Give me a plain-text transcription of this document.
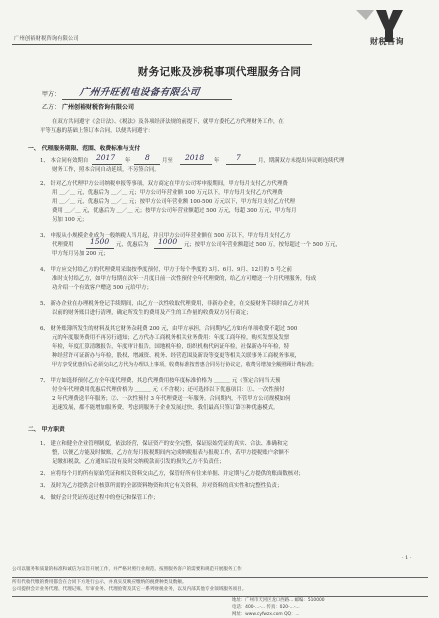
广州创裕财税咨询有限公司	财税咨询
财务记账及涉税事项代理服务合同
甲方： 广州升旺机电设备有限公司
乙方： 广州创裕财税咨询有限公司
在双方共同遵守《会计法》、《税法》及各项经济法规的前提下，就甲方委托乙方代理财务工作，在
平等互惠的基础上签订本合同，以便共同遵守：
一、 代理服务期限、范围、收费标准与支付
1、 本合同有效期自 2017 年 8 月至 2018 年 7	月，期满双方未提出异议则连续代理
财务工作，照本合同自动延续，不另签合同。
2、 针对乙方代理甲方公司纳税申报等事项，双方商定在甲方公司零申报期间，甲方每月支付乙方代理费
用 ＿／＿ 元，优惠后为 ＿／＿ 元；甲方公司年营业额 100 万元以下，甲方每月支付乙方代理费
用 ＿／＿ 元，优惠后为 ＿／＿ 元；按甲方公司年营业额 100-500 万元以下，甲方每月支付乙方代理
费用 ＿／＿ 元，优惠后为 ＿／＿ 元；按甲方公司年营业额超过 500 万元，每超 300 万元，甲方每月
另加 100 元；
3、 申报从小规模企业成为一般纳税人当月起，并且甲方公司年营业额在 500 万以下，甲方每月支付乙方
代理费用 1500 元，优惠后为 1000 元；按甲方公司年营业额超过 500 万，按每超过一个 500 万元，
甲方每月另加 200 元；
4、 甲方应交付给乙方的代理费用采取按季度预付，甲方于每个季度的 3月、6月、9月、12月的 5 号之前
准时支付给乙方，如甲方每期在次年一月度日前一次性预付全年代理费的，给乙方可赠送一个月代理服务，每成
功介绍一个有效客户赠送 500 元给甲方；
5、 新办企业在办理税务登记手续期间，由乙方一次性收取代理费用，非新办企业，在交接财务手续时由乙方对其
以前的财务账目进行清理，确定所发生的费用及产生的工作量的收费双方另行商定；
6、 财务账簿所发生的材料及其它财务杂耗费 200 元，由甲方承担，合同期内乙方如有单项收费不超过 500
元的年度服务费用不再另行通知；乙方代办工商税务相关业务费用：年度工商年检，购买发票及发票
年检，年度汇算清缴报告，年度审计报告，国地税年检，组织机构代码证年检，社保新办年年检，特
种经营许可证新办与年检，股权、增减资、税务、经营范围及新设等变更等相关关联事务工商税务事项，
甲方享受优惠价后必须交由乙方代为办理以上事项，收费标准按普惠合同另行协议定，收费另增加全额照顾计费标准；
7、 甲方如选择预付乙方全年度代理费，其总代理费用按年度标准价格为 ＿＿＿ 元（签定合同当天预
付全年代理费用优惠后代理价格为 ＿＿＿ 元（不含税）；还可选择以下优惠项目：①、一次性预付
2 年代理费送半年服务；②、一次性预付 3 年代理费送一年服务。合同期内，不管甲方公司规模如何
迅速发展，都不能增加服务费，考虑到服务于企业发展过快，我们最高只签订第③种优惠模式。
二、 甲方职责
1、 建立和健全企业管理制度，依法经营，保证资产的安全完整，保证原始凭证的真实、合法、准确和完
整，以便乙方能及时做账，乙方在每月报税期间内完成纳税报表与报税工作，若甲方提税账户余额不
足缴扣税款，乙方通知后没有及时交纳税款而引发的损失乙方不负责任；
2、 应将每个月的所有原始凭证和相关资料交由乙方，保管好所有往来单据、并定期与乙方提供的账面数核对；
3、 及时为乙方提供会计核算所需的全部资料物资和其它有关资料，并对资料的真实性和完整性负责；
4、 做好会计凭证传送过程中的登记和保管工作；
· 1 ·
公司以服务和质量的标准和诚信为宗旨开展工作，并严格对照行业规范、按照服务客户的需要和规范开展服务工作
所有代收代缴的费用都会在合同下方进行公示，并真实反映应缴纳的税费种类及数额。
公司提供会计业务代理、代理记账、年审业务、代理验资及其它一系列财税业务，以及内部其他专业领域服务项目。
地址：广州市天河区龙口西路... 邮编：510000
电话：400-...-... 传真：020-...-...
网址：www.cyfwzx.com QQ：...
